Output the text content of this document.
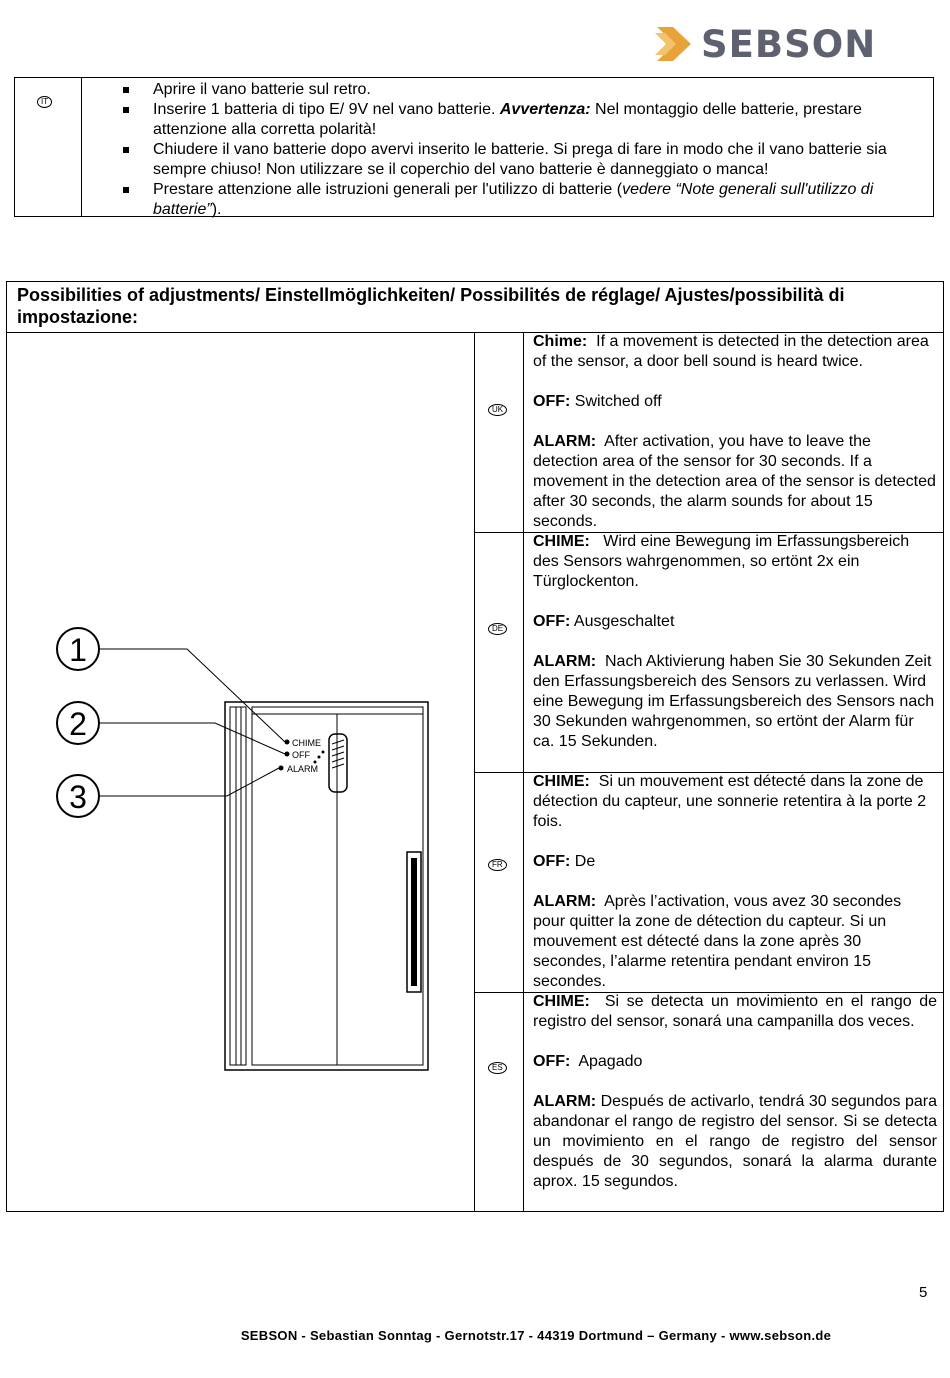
SEBSON
IT
Aprire il vano batterie sul retro.
Inserire 1 batteria di tipo E/ 9V nel vano batterie. Avvertenza: Nel montaggio delle batterie, prestare attenzione alla corretta polarità!
Chiudere il vano batterie dopo avervi inserito le batterie. Si prega di fare in modo che il vano batterie sia sempre chiuso! Non utilizzare se il coperchio del vano batterie è danneggiato o manca!
Prestare attenzione alle istruzioni generali per l'utilizzo di batterie (vedere “Note generali sull'utilizzo di batterie”).
Possibilities of adjustments/ Einstellmöglichkeiten/ Possibilités de réglage/ Ajustes/possibilità di impostazione:
1
2
3
CHIME
OFF
ALARM
UK
DE
FR
ES

Chime:  If a movement is detected in the detection area of the sensor, a door bell sound is heard twice.

OFF: Switched off

ALARM:  After activation, you have to leave the detection area of the sensor for 30 seconds. If a movement in the detection area of the sensor is detected after 30 seconds, the alarm sounds for about 15 seconds.

CHIME:   Wird eine Bewegung im Erfassungsbereich des Sensors wahrgenommen, so ertönt 2x ein Türglockenton.

OFF: Ausgeschaltet

ALARM:  Nach Aktivierung haben Sie 30 Sekunden Zeit den Erfassungsbereich des Sensors zu verlassen. Wird eine Bewegung im Erfassungsbereich des Sensors nach 30 Sekunden wahrgenommen, so ertönt der Alarm für ca. 15 Sekunden.

CHIME:  Si un mouvement est détecté dans la zone de détection du capteur, une sonnerie retentira à la porte 2 fois.

OFF: De

ALARM:  Après l’activation, vous avez 30 secondes pour quitter la zone de détection du capteur. Si un mouvement est détecté dans la zone après 30 secondes, l’alarme retentira pendant environ 15 secondes.

CHIME:  Si se detecta un movimiento en el rango de registro del sensor, sonará una campanilla dos veces.

OFF:  Apagado

ALARM: Después de activarlo, tendrá 30 segundos para abandonar el rango de registro del sensor. Si se detecta un movimiento en el rango de registro del sensor después de 30 segundos, sonará la alarma durante aprox. 15 segundos.

5
SEBSON - Sebastian Sonntag - Gernotstr.17 - 44319 Dortmund – Germany - www.sebson.de
